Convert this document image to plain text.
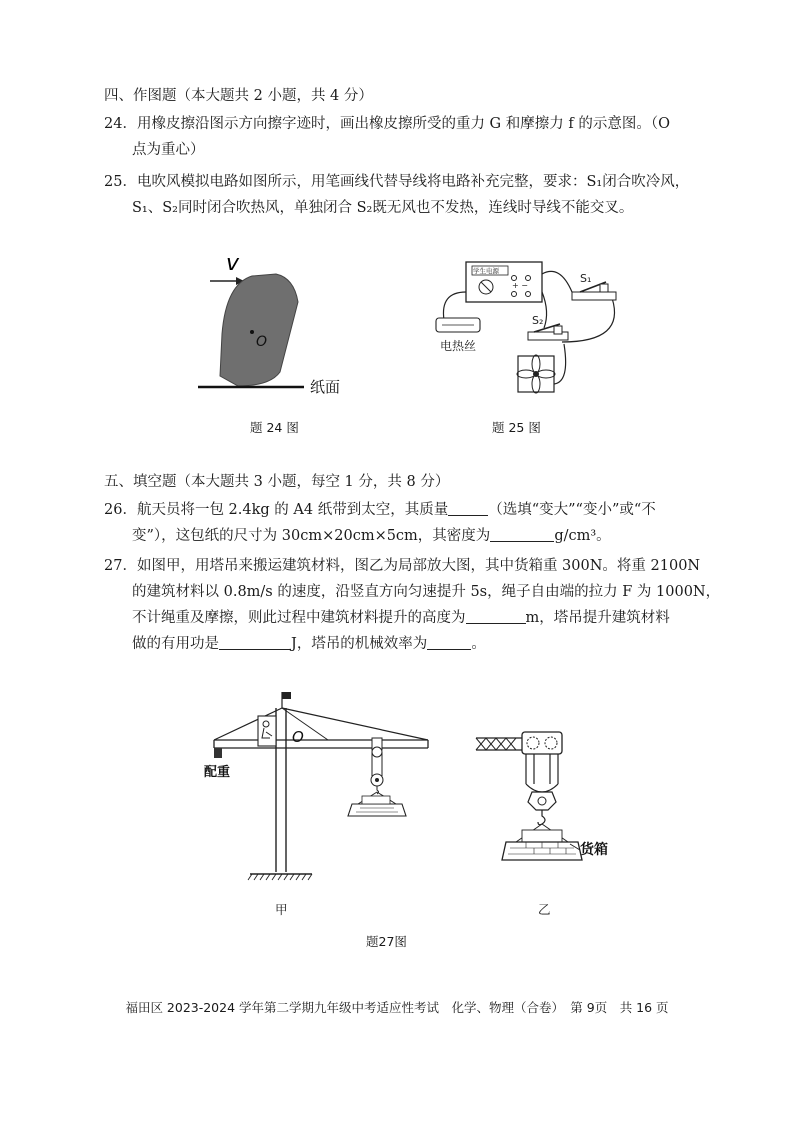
四、作图题（本大题共 2 小题，共 4 分）
24．用橡皮擦沿图示方向擦字迹时，画出橡皮擦所受的重力 G 和摩擦力 f 的示意图。（O
点为重心）
25．电吹风模拟电路如图所示，用笔画线代替导线将电路补充完整，要求：S₁闭合吹冷风，
S₁、S₂同时闭合吹热风，单独闭合 S₂既无风也不发热，连线时导线不能交叉。
v
O
纸面
题 24 图
学生电源
+ −
S₁
S₂
电热丝
题 25 图
五、填空题（本大题共 3 小题，每空 1 分，共 8 分）
26．航天员将一包 2.4kg 的 A4 纸带到太空，其质量	（选填“变大”“变小”或“不
变”），这包纸的尺寸为 30cm×20cm×5cm，其密度为	g/cm³。
27．如图甲，用塔吊来搬运建筑材料，图乙为局部放大图，其中货箱重 300N。将重 2100N
的建筑材料以 0.8m/s 的速度，沿竖直方向匀速提升 5s，绳子自由端的拉力 F 为 1000N，
不计绳重及摩擦，则此过程中建筑材料提升的高度为	m，塔吊提升建筑材料
做的有用功是	J，塔吊的机械效率为	。
O
配重
甲
货箱
乙
题27图
福田区 2023-2024 学年第二学期九年级中考适应性考试　化学、物理（合卷）　第 9页　共 16 页
